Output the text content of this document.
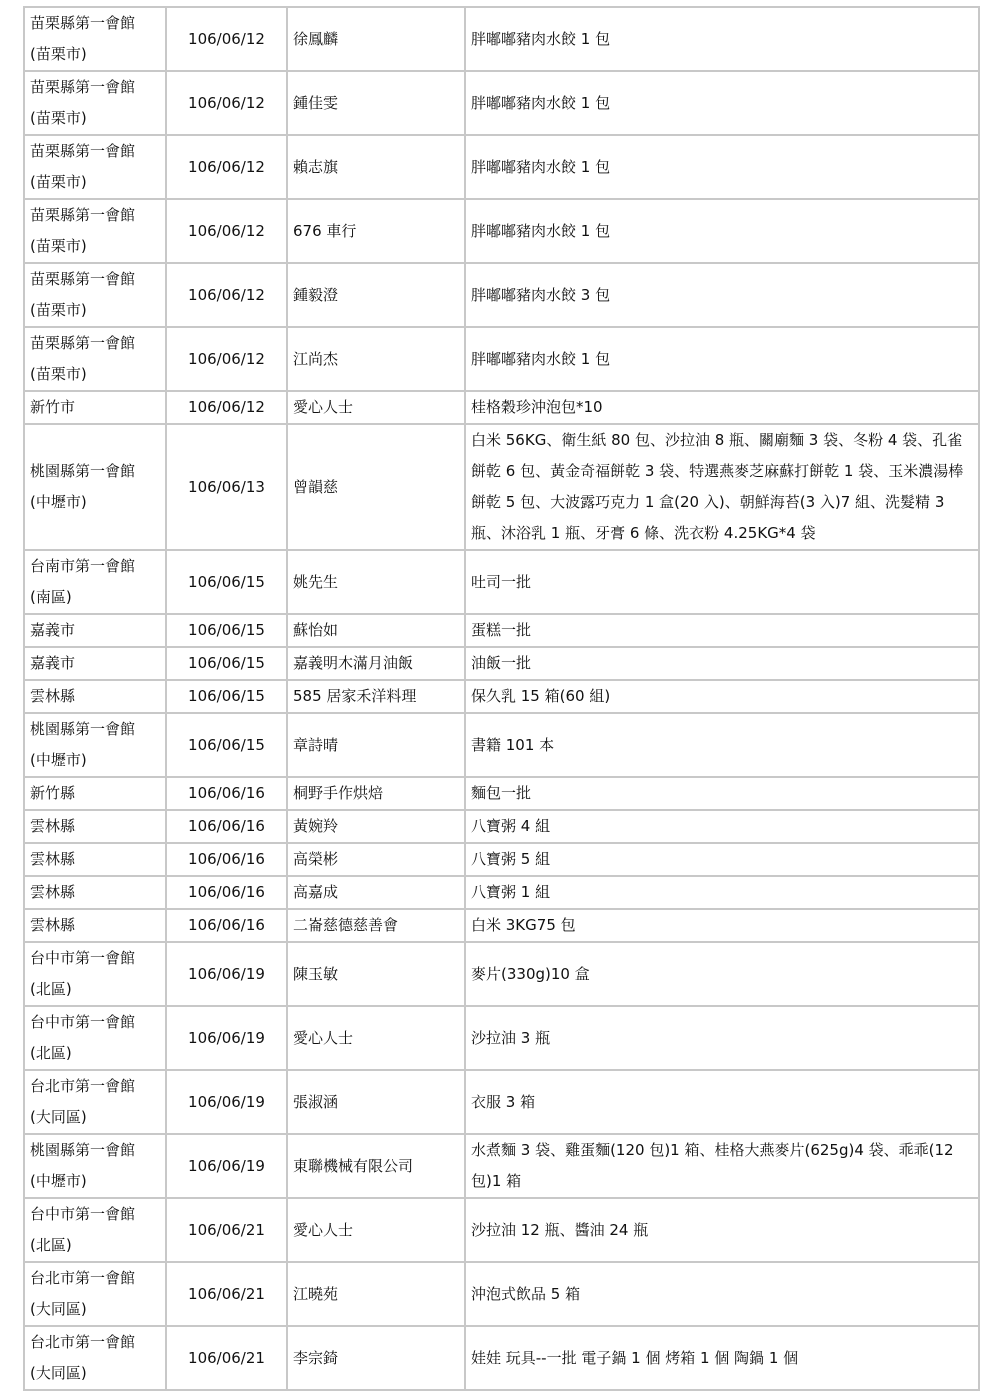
苗栗縣第一會館
(苗栗市)	106/06/12	徐鳳麟	胖嘟嘟豬肉水餃 1 包
苗栗縣第一會館
(苗栗市)	106/06/12	鍾佳雯	胖嘟嘟豬肉水餃 1 包
苗栗縣第一會館
(苗栗市)	106/06/12	賴志旗	胖嘟嘟豬肉水餃 1 包
苗栗縣第一會館
(苗栗市)	106/06/12	676 車行	胖嘟嘟豬肉水餃 1 包
苗栗縣第一會館
(苗栗市)	106/06/12	鍾毅澄	胖嘟嘟豬肉水餃 3 包
苗栗縣第一會館
(苗栗市)	106/06/12	江尚杰	胖嘟嘟豬肉水餃 1 包
新竹市	106/06/12	愛心人士	桂格穀珍沖泡包*10
桃園縣第一會館
(中壢市)	106/06/13	曾韻慈	白米 56KG、衛生紙 80 包、沙拉油 8 瓶、關廟麵 3 袋、冬粉 4 袋、孔雀餅乾 6 包、黃金奇福餅乾 3 袋、特選燕麥芝麻蘇打餅乾 1 袋、玉米濃湯棒餅乾 5 包、大波露巧克力 1 盒(20 入)、朝鮮海苔(3 入)7 組、洗髮精 3 瓶、沐浴乳 1 瓶、牙膏 6 條、洗衣粉 4.25KG*4 袋
台南市第一會館
(南區)	106/06/15	姚先生	吐司一批
嘉義市	106/06/15	蘇怡如	蛋糕一批
嘉義市	106/06/15	嘉義明木滿月油飯	油飯一批
雲林縣	106/06/15	585 居家禾洋料理	保久乳 15 箱(60 組)
桃園縣第一會館
(中壢市)	106/06/15	章詩晴	書籍 101 本
新竹縣	106/06/16	桐野手作烘焙	麵包一批
雲林縣	106/06/16	黃婉羚	八寶粥 4 組
雲林縣	106/06/16	高榮彬	八寶粥 5 組
雲林縣	106/06/16	高嘉成	八寶粥 1 組
雲林縣	106/06/16	二崙慈德慈善會	白米 3KG75 包
台中市第一會館
(北區)	106/06/19	陳玉敏	麥片(330g)10 盒
台中市第一會館
(北區)	106/06/19	愛心人士	沙拉油 3 瓶
台北市第一會館
(大同區)	106/06/19	張淑涵	衣服 3 箱
桃園縣第一會館
(中壢市)	106/06/19	東聯機械有限公司	水煮麵 3 袋、雞蛋麵(120 包)1 箱、桂格大燕麥片(625g)4 袋、乖乖(12 包)1 箱
台中市第一會館
(北區)	106/06/21	愛心人士	沙拉油 12 瓶、醬油 24 瓶
台北市第一會館
(大同區)	106/06/21	江曉苑	沖泡式飲品 5 箱
台北市第一會館
(大同區)	106/06/21	李宗錡	娃娃 玩具--一批 電子鍋 1 個 烤箱 1 個 陶鍋 1 個
